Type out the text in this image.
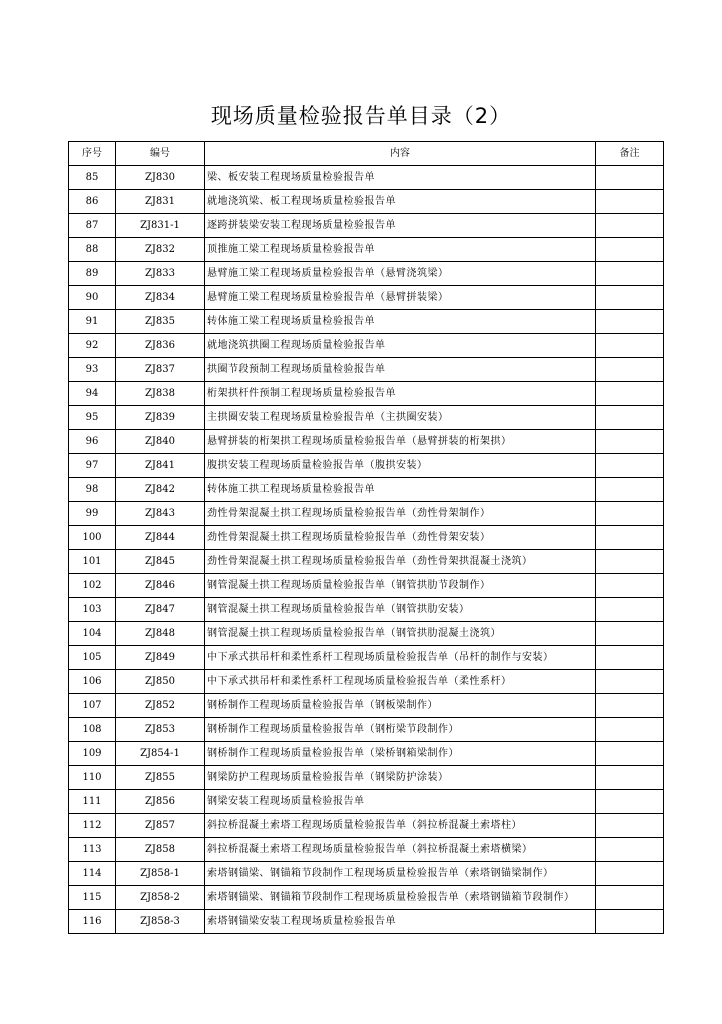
现场质量检验报告单目录（2）
序号	编号	内容	备注
85	ZJ830	梁、板安装工程现场质量检验报告单	
86	ZJ831	就地浇筑梁、板工程现场质量检验报告单	
87	ZJ831-1	逐跨拼装梁安装工程现场质量检验报告单	
88	ZJ832	顶推施工梁工程现场质量检验报告单	
89	ZJ833	悬臂施工梁工程现场质量检验报告单（悬臂浇筑梁）	
90	ZJ834	悬臂施工梁工程现场质量检验报告单（悬臂拼装梁）	
91	ZJ835	转体施工梁工程现场质量检验报告单	
92	ZJ836	就地浇筑拱圈工程现场质量检验报告单	
93	ZJ837	拱圈节段预制工程现场质量检验报告单	
94	ZJ838	桁架拱杆件预制工程现场质量检验报告单	
95	ZJ839	主拱圈安装工程现场质量检验报告单（主拱圈安装）	
96	ZJ840	悬臂拼装的桁架拱工程现场质量检验报告单（悬臂拼装的桁架拱）	
97	ZJ841	腹拱安装工程现场质量检验报告单（腹拱安装）	
98	ZJ842	转体施工拱工程现场质量检验报告单	
99	ZJ843	劲性骨架混凝土拱工程现场质量检验报告单（劲性骨架制作）	
100	ZJ844	劲性骨架混凝土拱工程现场质量检验报告单（劲性骨架安装）	
101	ZJ845	劲性骨架混凝土拱工程现场质量检验报告单（劲性骨架拱混凝土浇筑）	
102	ZJ846	钢管混凝土拱工程现场质量检验报告单（钢管拱肋节段制作）	
103	ZJ847	钢管混凝土拱工程现场质量检验报告单（钢管拱肋安装）	
104	ZJ848	钢管混凝土拱工程现场质量检验报告单（钢管拱肋混凝土浇筑）	
105	ZJ849	中下承式拱吊杆和柔性系杆工程现场质量检验报告单（吊杆的制作与安装）	
106	ZJ850	中下承式拱吊杆和柔性系杆工程现场质量检验报告单（柔性系杆）	
107	ZJ852	钢桥制作工程现场质量检验报告单（钢板梁制作）	
108	ZJ853	钢桥制作工程现场质量检验报告单（钢桁梁节段制作）	
109	ZJ854-1	钢桥制作工程现场质量检验报告单（梁桥钢箱梁制作）	
110	ZJ855	钢梁防护工程现场质量检验报告单（钢梁防护涂装）	
111	ZJ856	钢梁安装工程现场质量检验报告单	
112	ZJ857	斜拉桥混凝土索塔工程现场质量检验报告单（斜拉桥混凝土索塔柱）	
113	ZJ858	斜拉桥混凝土索塔工程现场质量检验报告单（斜拉桥混凝土索塔横梁）	
114	ZJ858-1	索塔钢锚梁、钢锚箱节段制作工程现场质量检验报告单（索塔钢锚梁制作）	
115	ZJ858-2	索塔钢锚梁、钢锚箱节段制作工程现场质量检验报告单（索塔钢锚箱节段制作）	
116	ZJ858-3	索塔钢锚梁安装工程现场质量检验报告单	
